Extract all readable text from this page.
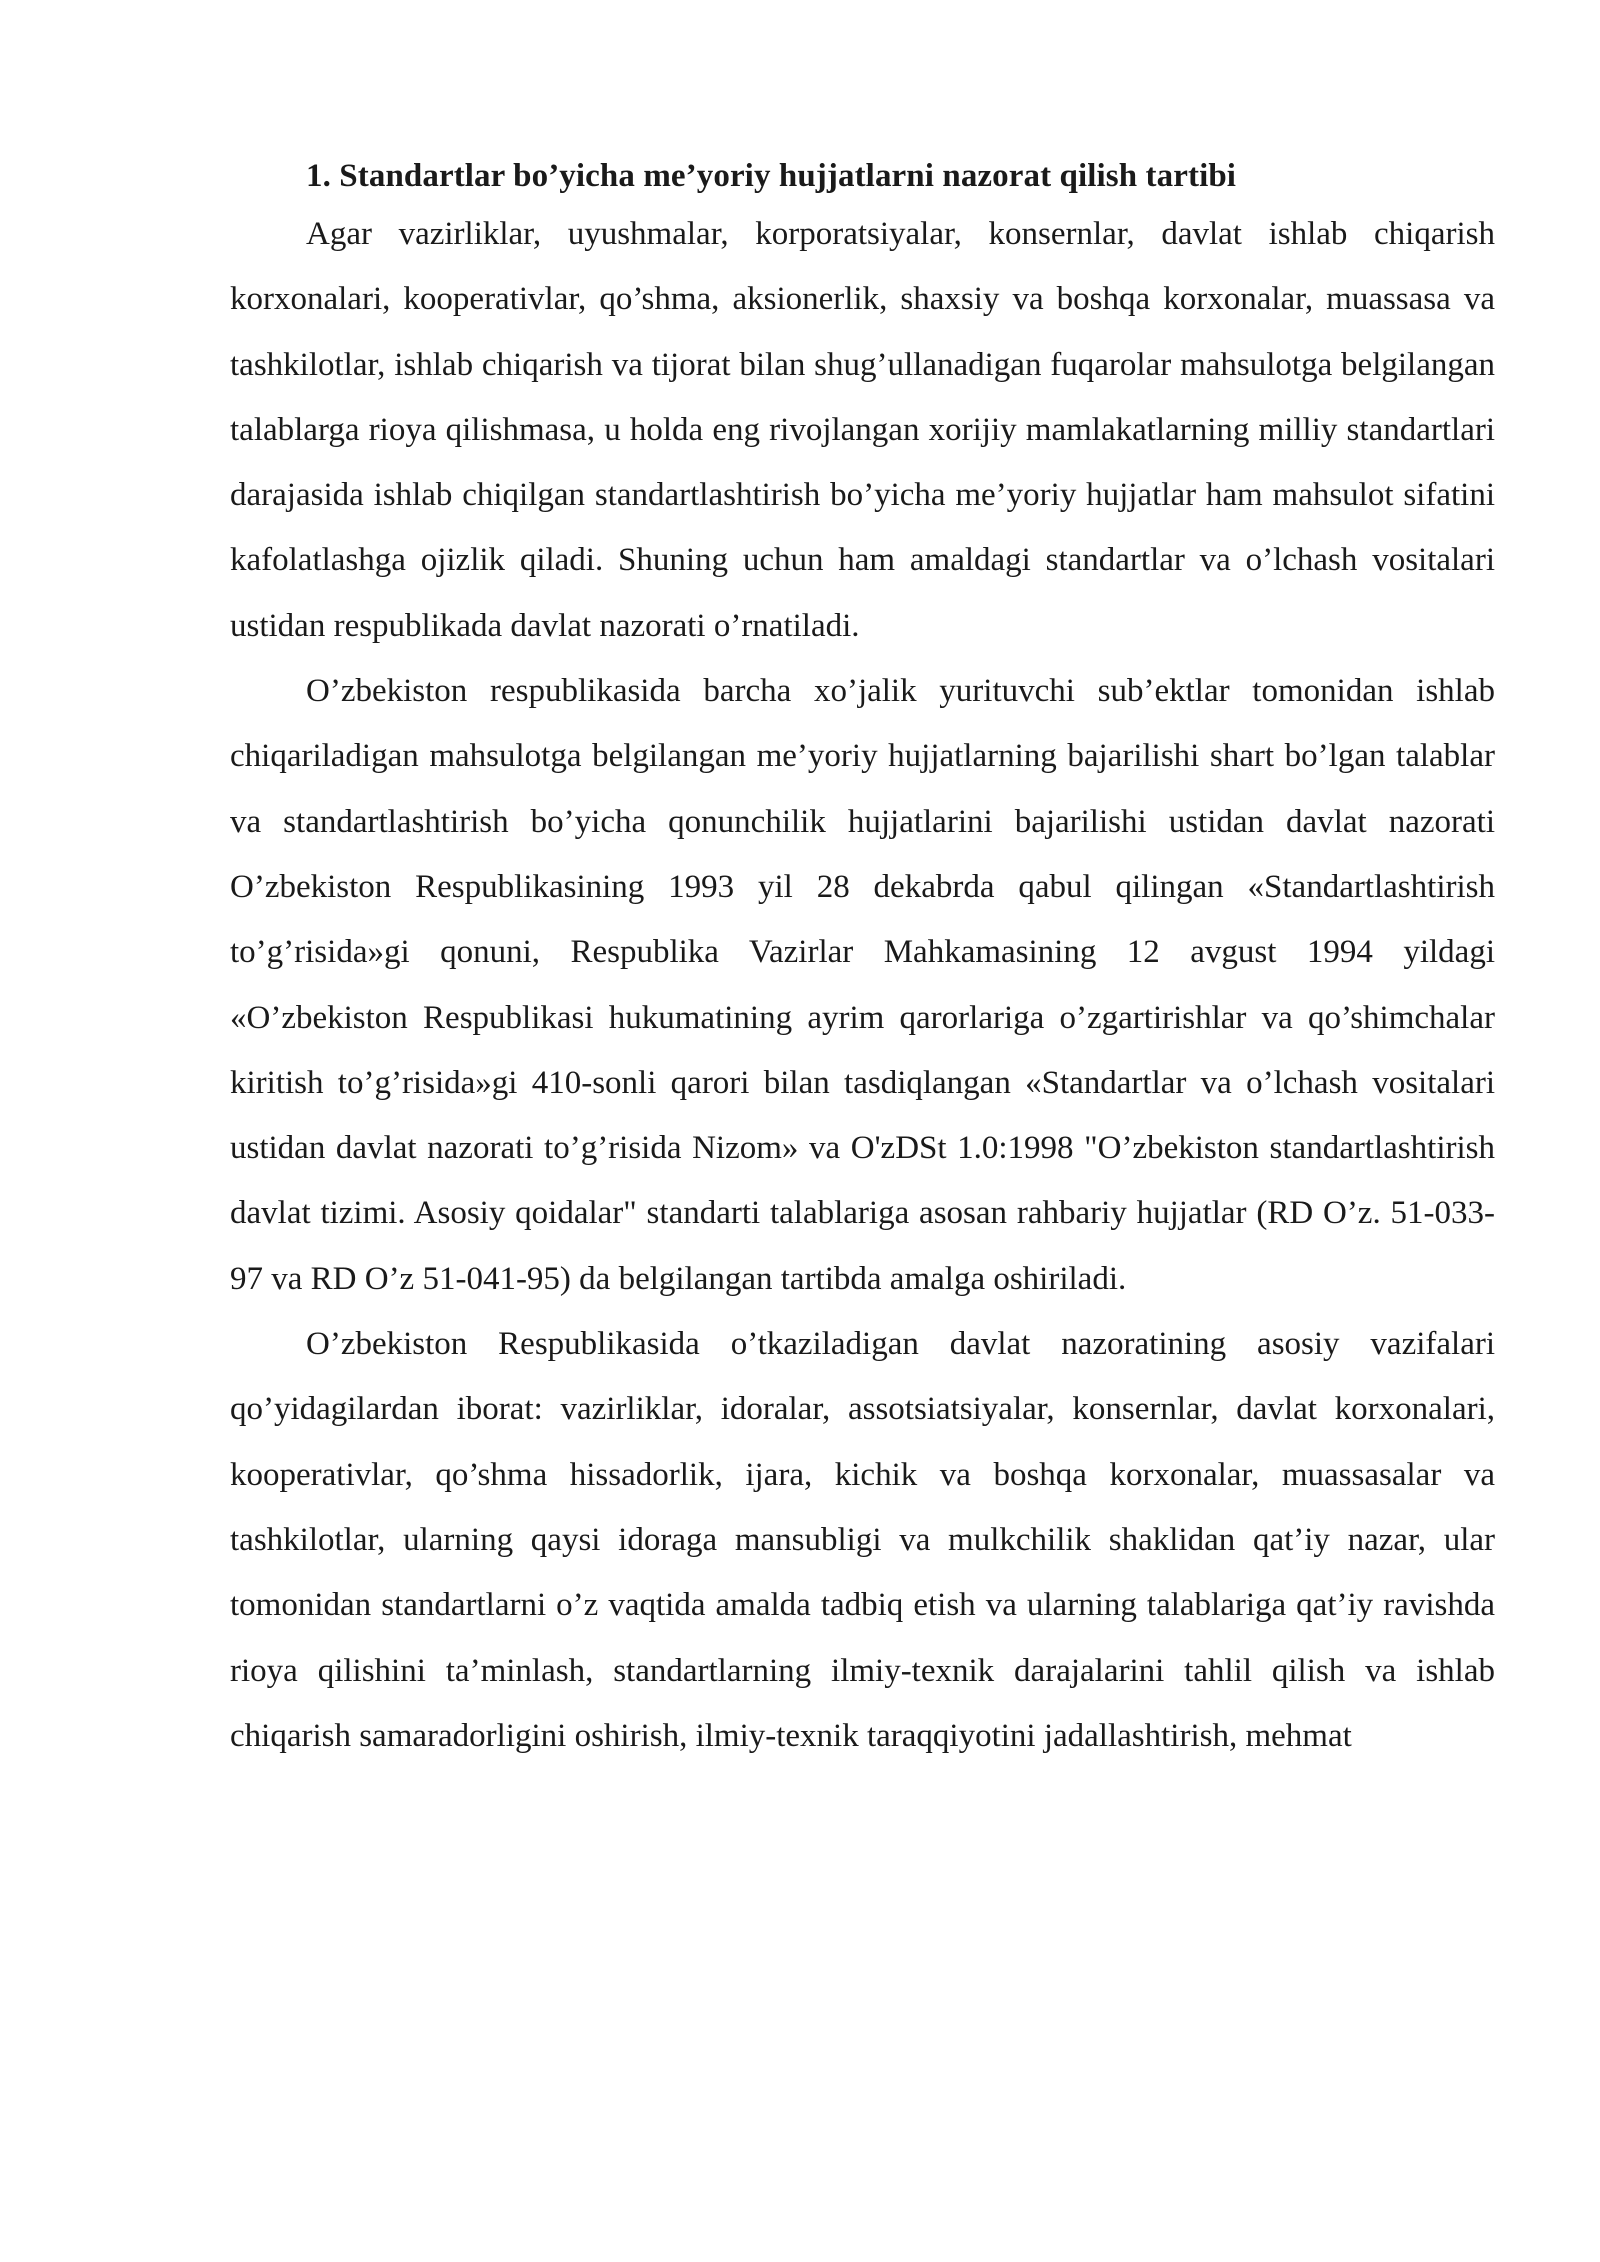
1. Standartlar bo’yicha me’yoriy hujjatlarni nazorat qilish tartibi

Agar vazirliklar, uyushmalar, korporatsiyalar, konsernlar, davlat ishlab chiqarish korxonalari, kooperativlar, qo’shma, aksionerlik, shaxsiy va boshqa korxonalar, muassasa va tashkilotlar, ishlab chiqarish va tijorat bilan shug’ullanadigan fuqarolar mahsulotga belgilangan talablarga rioya qilishmasa, u holda eng rivojlangan xorijiy mamlakatlarning milliy standartlari darajasida ishlab chiqilgan standartlashtirish bo’yicha me’yoriy hujjatlar ham mahsulot sifatini kafolatlashga ojizlik qiladi. Shuning uchun ham amaldagi standartlar va o’lchash vositalari ustidan respublikada davlat nazorati o’rnatiladi.

O’zbekiston respublikasida barcha xo’jalik yurituvchi sub’ektlar tomonidan ishlab chiqariladigan mahsulotga belgilangan me’yoriy hujjatlarning bajarilishi shart bo’lgan talablar va standartlashtirish bo’yicha qonunchilik hujjatlarini bajarilishi ustidan davlat nazorati O’zbekiston Respublikasining 1993 yil 28 dekabrda qabul qilingan «Standartlashtirish to’g’risida»gi qonuni, Respublika Vazirlar Mahkamasining 12 avgust 1994 yildagi «O’zbekiston Respublikasi hukumatining ayrim qarorlariga o’zgartirishlar va qo’shimchalar kiritish to’g’risida»gi 410-sonli qarori bilan tasdiqlangan «Standartlar va o’lchash vositalari ustidan davlat nazorati to’g’risida Nizom» va O'zDSt 1.0:1998 "O’zbekiston standartlashtirish davlat tizimi. Asosiy qoidalar" standarti talablariga asosan rahbariy hujjatlar (RD O’z. 51-033-97 va RD O’z 51-041-95) da belgilangan tartibda amalga oshiriladi.

O’zbekiston Respublikasida o’tkaziladigan davlat nazoratining asosiy vazifalari qo’yidagilardan iborat: vazirliklar, idoralar, assotsiatsiyalar, konsernlar, davlat korxonalari, kooperativlar, qo’shma hissadorlik, ijara, kichik va boshqa korxonalar, muassasalar va tashkilotlar, ularning qaysi idoraga mansubligi va mulkchilik shaklidan qat’iy nazar, ular tomonidan standartlarni o’z vaqtida amalda tadbiq etish va ularning talablariga qat’iy ravishda rioya qilishini ta’minlash, standartlarning ilmiy-texnik darajalarini tahlil qilish va ishlab chiqarish samaradorligini oshirish, ilmiy-texnik taraqqiyotini jadallashtirish, mehmat
